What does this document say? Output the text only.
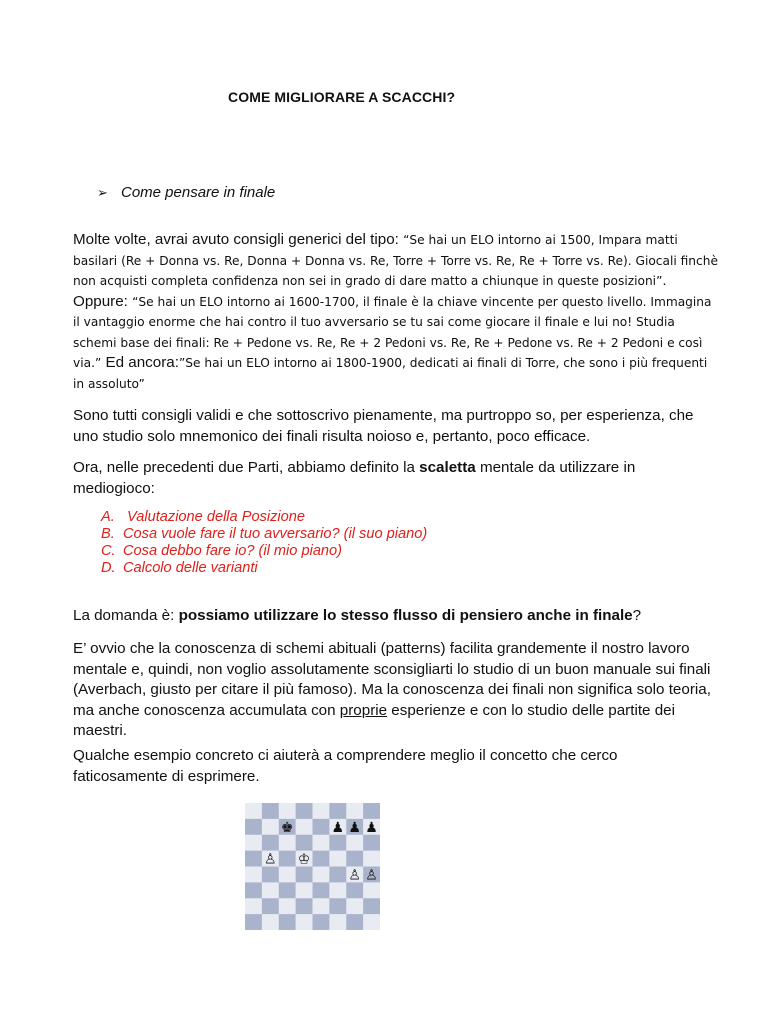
COME MIGLIORARE A SCACCHI?
➢ Come pensare in finale
Molte volte, avrai avuto consigli generici del tipo: “Se hai un ELO intorno ai 1500, Impara matti basilari (Re + Donna vs. Re, Donna + Donna vs. Re, Torre + Torre vs. Re, Re + Torre vs. Re). Giocali finchè non acquisti completa confidenza non sei in grado di dare matto a chiunque in queste posizioni”. Oppure: “Se hai un ELO intorno ai 1600-1700, il finale è la chiave vincente per questo livello. Immagina il vantaggio enorme che hai contro il tuo avversario se tu sai come giocare il finale e lui no! Studia schemi base dei finali: Re + Pedone vs. Re, Re + 2 Pedoni vs. Re, Re + Pedone vs. Re + 2 Pedoni e così via.” Ed ancora:”Se hai un ELO intorno ai 1800-1900, dedicati ai finali di Torre, che sono i più frequenti in assoluto”
Sono tutti consigli validi e che sottoscrivo pienamente, ma purtroppo so, per esperienza, che uno studio solo mnemonico dei finali risulta noioso e, pertanto, poco efficace.
Ora, nelle precedenti due Parti, abbiamo definito la scaletta mentale da utilizzare in mediogioco:
A. Valutazione della Posizione
B. Cosa vuole fare il tuo avversario? (il suo piano)
C. Cosa debbo fare io? (il mio piano)
D. Calcolo delle varianti
La domanda è: possiamo utilizzare lo stesso flusso di pensiero anche in finale?
E’ ovvio che la conoscenza di schemi abituali (patterns) facilita grandemente il nostro lavoro mentale e, quindi, non voglio assolutamente sconsigliarti lo studio di un buon manuale sui finali (Averbach, giusto per citare il più famoso). Ma la conoscenza dei finali non significa solo teoria, ma anche conoscenza accumulata con proprie esperienze e con lo studio delle partite dei maestri.
Qualche esempio concreto ci aiuterà a comprendere meglio il concetto che cerco faticosamente di esprimere.
♚	♟ ♟ ♟
♙ ♔
♙ ♙
